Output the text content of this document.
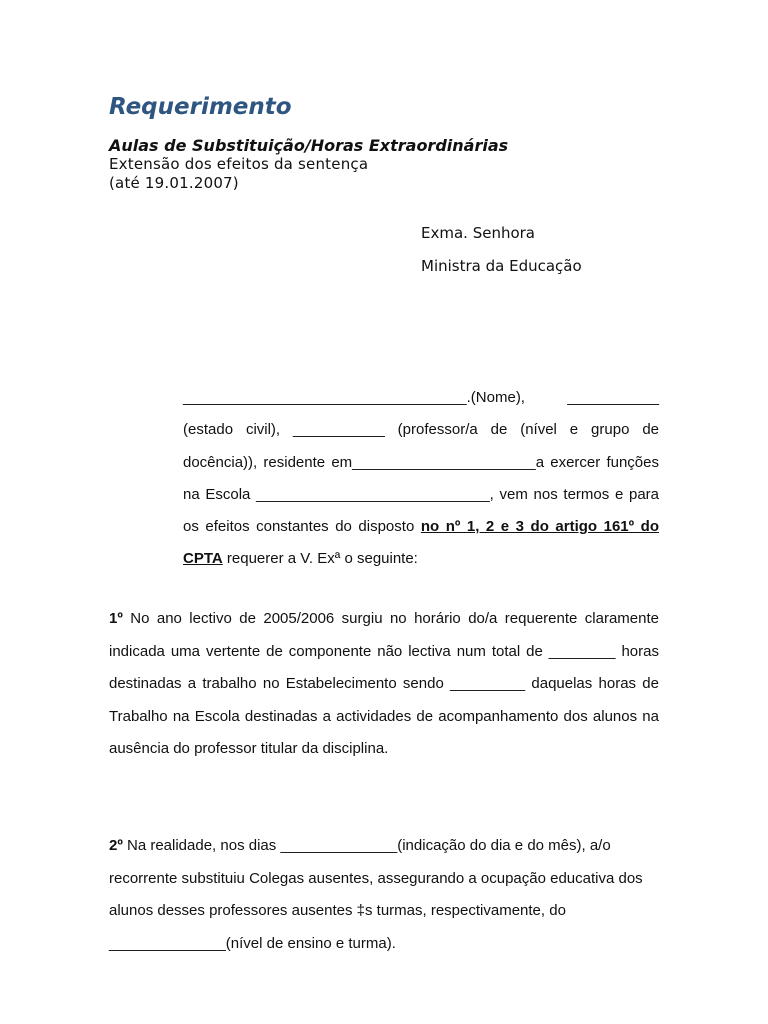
Requerimento
Aulas de Substituição/Horas Extraordinárias

Extensão dos efeitos da sentença

(até 19.01.2007)

Exma. Senhora

Ministra da Educação

__________________________________.(Nome), ___________ (estado civil), ___________ (professor/a de (nível e grupo de docência)), residente em______________________a exercer funções na Escola ____________________________, vem nos termos e para os efeitos constantes do disposto no nº 1, 2 e 3 do artigo 161º do CPTA requerer a V. Exª o seguinte:

1º No ano lectivo de 2005/2006 surgiu no horário do/a requerente claramente indicada uma vertente de componente não lectiva num total de ________ horas destinadas a trabalho no Estabelecimento sendo _________ daquelas horas de Trabalho na Escola destinadas a actividades de acompanhamento dos alunos na ausência do professor titular da disciplina.

2º Na realidade, nos dias ______________(indicação do dia e do mês), a/o recorrente substituiu Colegas ausentes, assegurando a ocupação educativa dos alunos desses professores ausentes ‡s turmas, respectivamente, do ______________(nível de ensino e turma).
